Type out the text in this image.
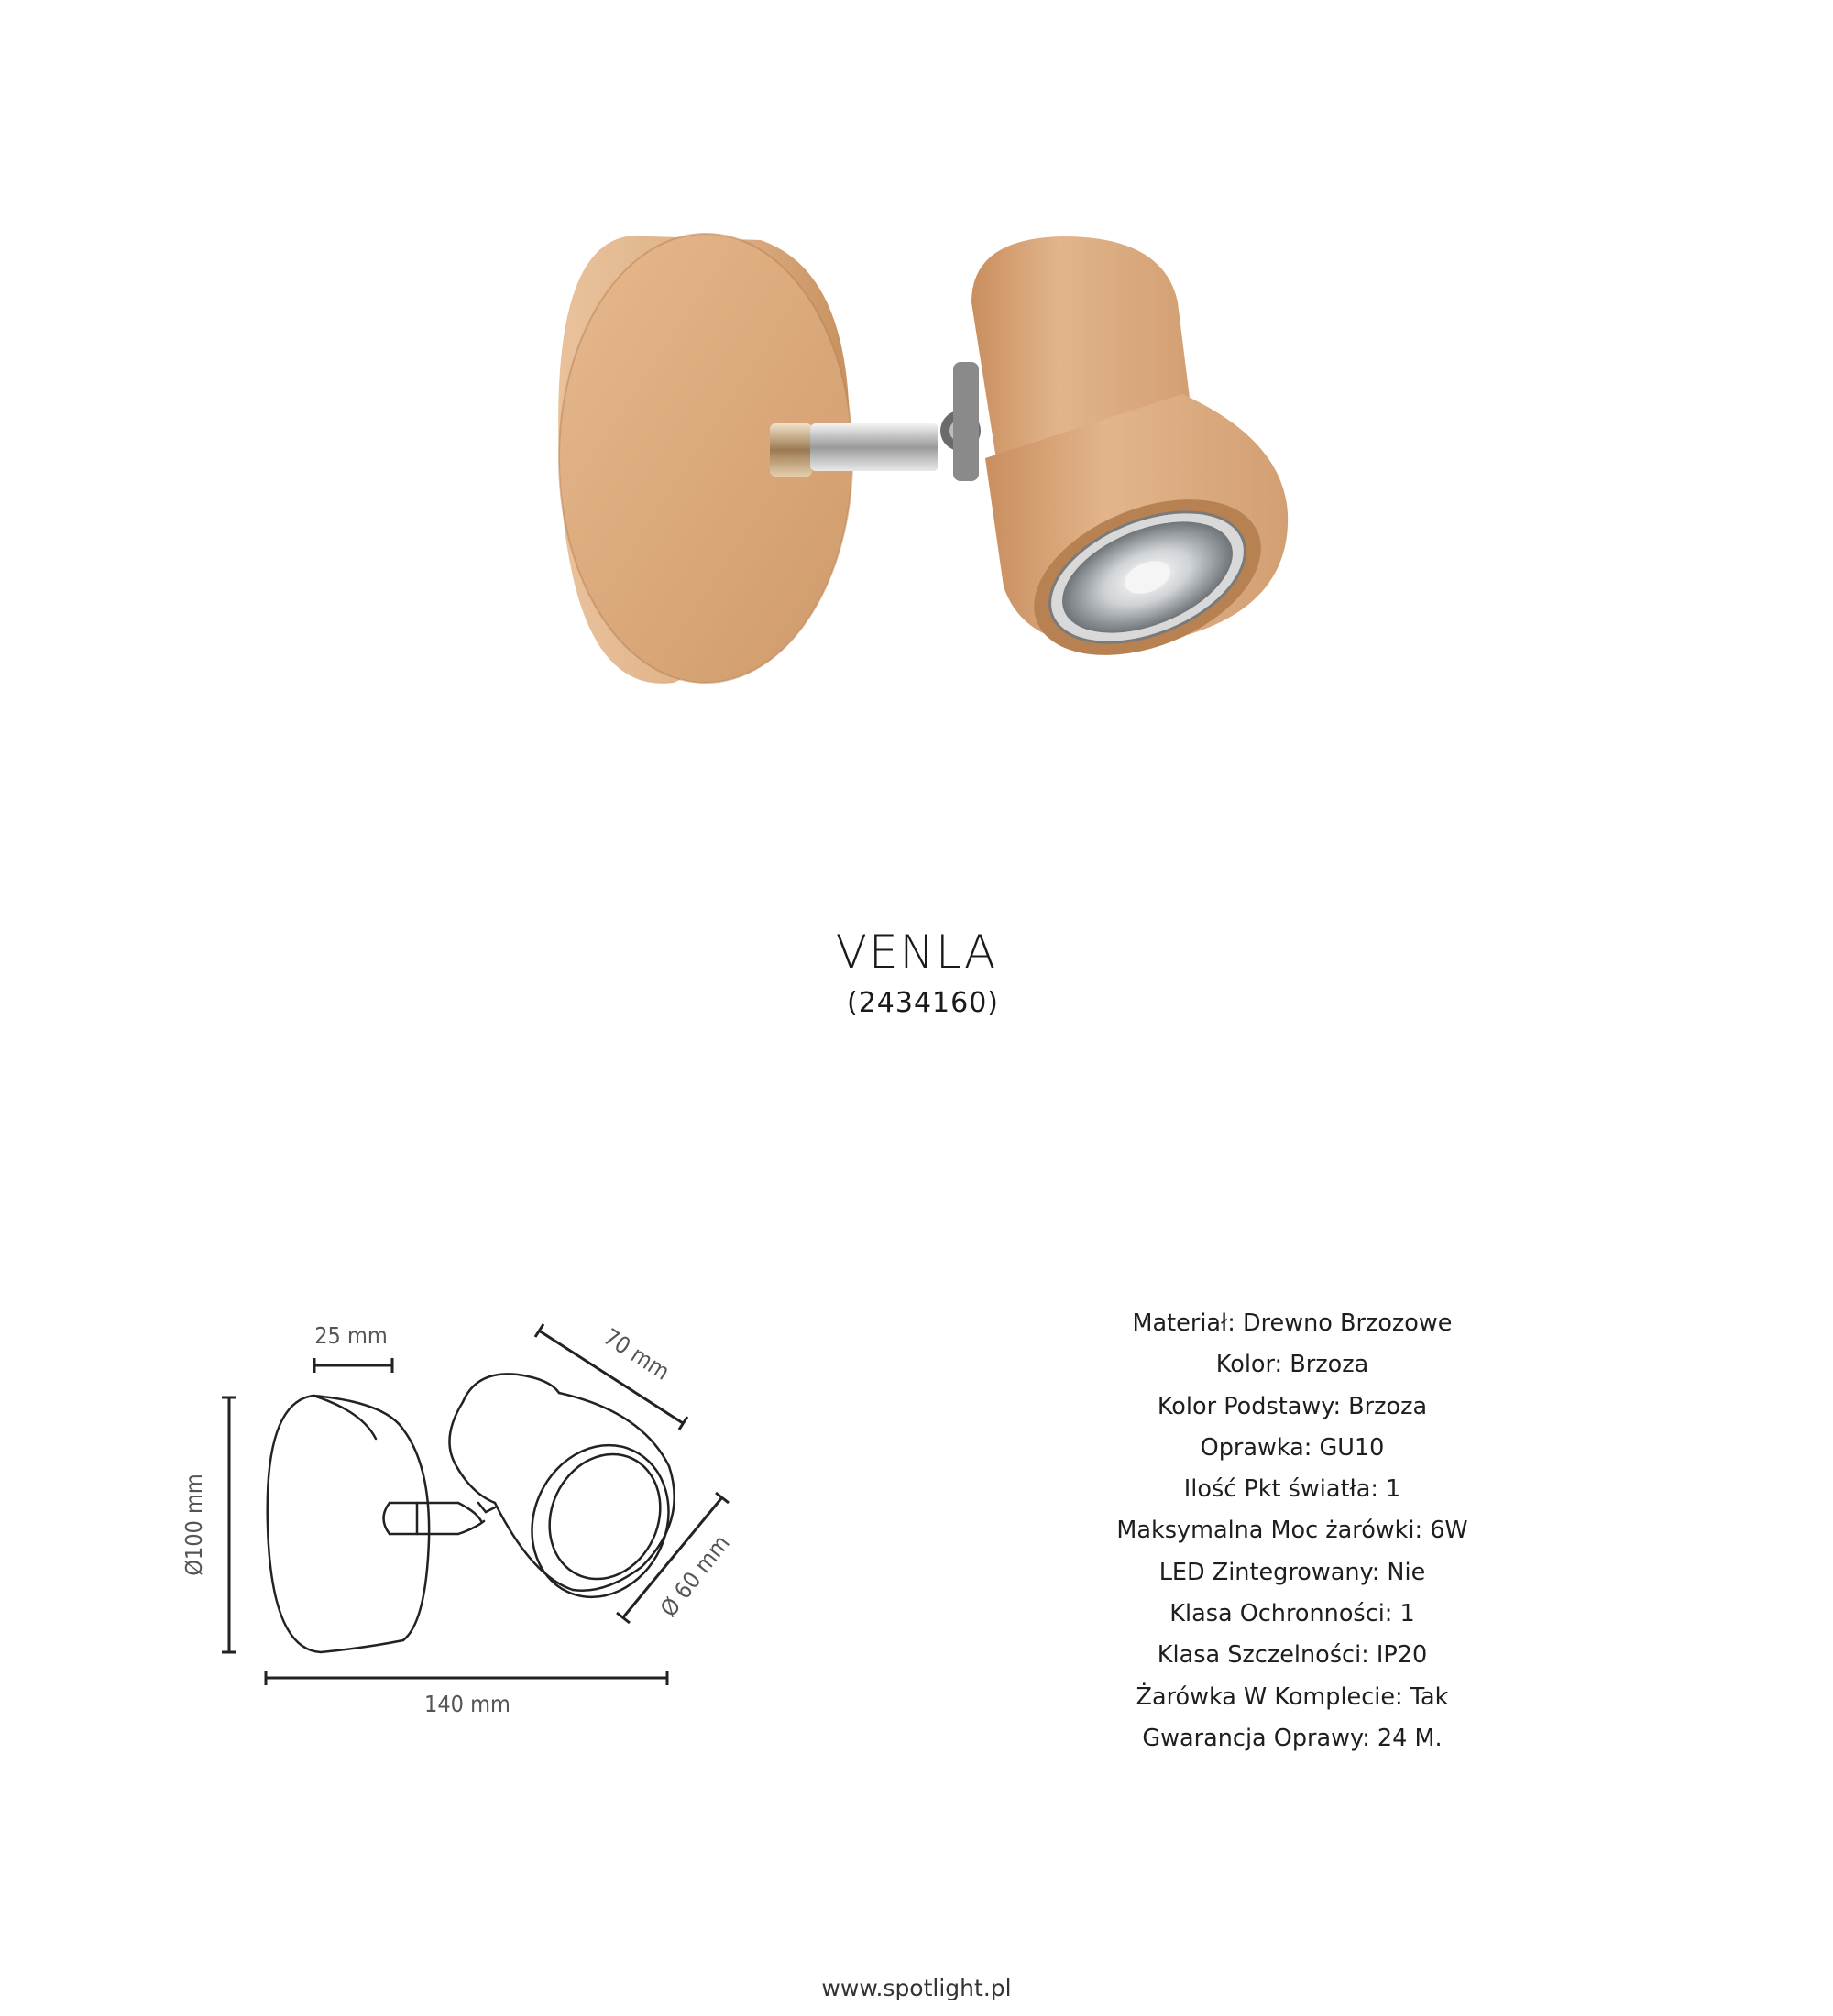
VENLA
(2434160)
25 mm	70 mm
Ø100 mm	Ø 60 mm
140 mm
Materiał: Drewno Brzozowe
Kolor: Brzoza
Kolor Podstawy: Brzoza
Oprawka: GU10
Ilość Pkt światła: 1
Maksymalna Moc żarówki: 6W
LED Zintegrowany: Nie
Klasa Ochronności: 1
Klasa Szczelności: IP20
Żarówka W Komplecie: Tak
Gwarancja Oprawy: 24 M.
www.spotlight.pl
